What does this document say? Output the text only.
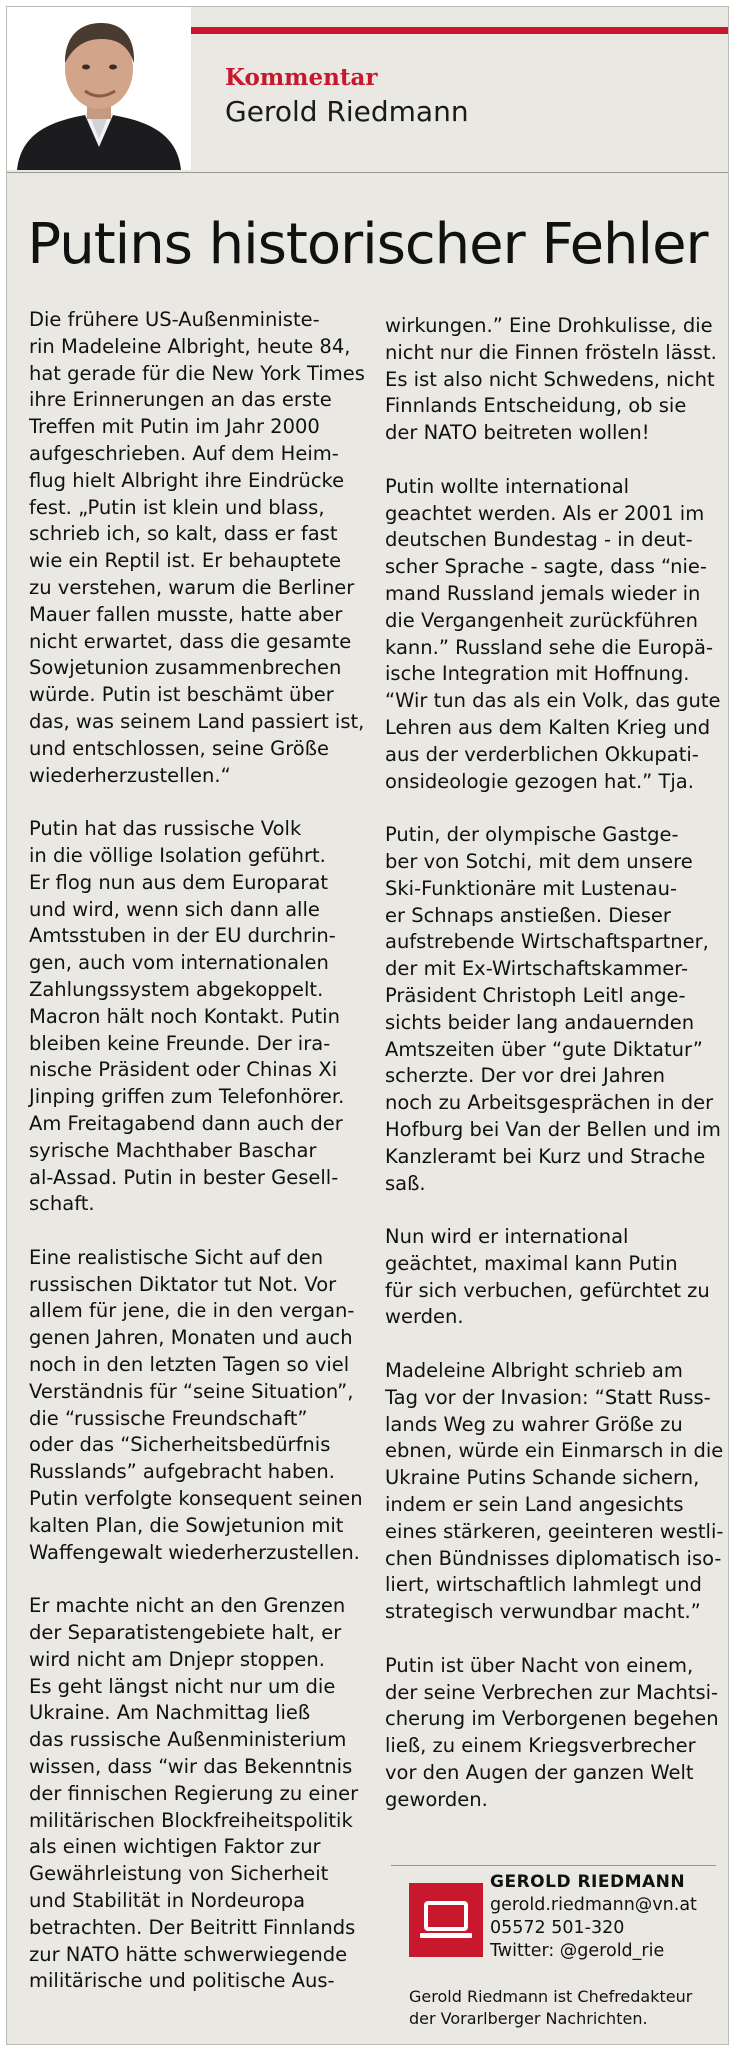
Kommentar
Gerold Riedmann
Putins historischer Fehler

Die frühere US-Außenministe-
rin Madeleine Albright, heute 84,
hat gerade für die New York Times
ihre Erinnerungen an das erste
Treffen mit Putin im Jahr 2000
aufgeschrieben. Auf dem Heim-
flug hielt Albright ihre Eindrücke
fest. „Putin ist klein und blass,
schrieb ich, so kalt, dass er fast
wie ein Reptil ist. Er behauptete
zu verstehen, warum die Berliner
Mauer fallen musste, hatte aber
nicht erwartet, dass die gesamte
Sowjetunion zusammenbrechen
würde. Putin ist beschämt über
das, was seinem Land passiert ist,
und entschlossen, seine Größe
wiederherzustellen.“

Putin hat das russische Volk
in die völlige Isolation geführt.
Er flog nun aus dem Europarat
und wird, wenn sich dann alle
Amtsstuben in der EU durchrin-
gen, auch vom internationalen
Zahlungssystem abgekoppelt.
Macron hält noch Kontakt. Putin
bleiben keine Freunde. Der ira-
nische Präsident oder Chinas Xi
Jinping griffen zum Telefonhörer.
Am Freitagabend dann auch der
syrische Machthaber Baschar
al-Assad. Putin in bester Gesell-
schaft.

Eine realistische Sicht auf den
russischen Diktator tut Not. Vor
allem für jene, die in den vergan-
genen Jahren, Monaten und auch
noch in den letzten Tagen so viel
Verständnis für “seine Situation”,
die “russische Freundschaft”
oder das “Sicherheitsbedürfnis
Russlands” aufgebracht haben.
Putin verfolgte konsequent seinen
kalten Plan, die Sowjetunion mit
Waffengewalt wiederherzustellen.

Er machte nicht an den Grenzen
der Separatistengebiete halt, er
wird nicht am Dnjepr stoppen.
Es geht längst nicht nur um die
Ukraine. Am Nachmittag ließ
das russische Außenministerium
wissen, dass “wir das Bekenntnis
der finnischen Regierung zu einer
militärischen Blockfreiheitspolitik
als einen wichtigen Faktor zur
Gewährleistung von Sicherheit
und Stabilität in Nordeuropa
betrachten. Der Beitritt Finnlands
zur NATO hätte schwerwiegende
militärische und politische Aus-

wirkungen.” Eine Drohkulisse, die
nicht nur die Finnen frösteln lässt.
Es ist also nicht Schwedens, nicht
Finnlands Entscheidung, ob sie
der NATO beitreten wollen!

Putin wollte international
geachtet werden. Als er 2001 im
deutschen Bundestag - in deut-
scher Sprache - sagte, dass “nie-
mand Russland jemals wieder in
die Vergangenheit zurückführen
kann.” Russland sehe die Europä-
ische Integration mit Hoffnung.
“Wir tun das als ein Volk, das gute
Lehren aus dem Kalten Krieg und
aus der verderblichen Okkupati-
onsideologie gezogen hat.” Tja.

Putin, der olympische Gastge-
ber von Sotchi, mit dem unsere
Ski-Funktionäre mit Lustenau-
er Schnaps anstießen. Dieser
aufstrebende Wirtschaftspartner,
der mit Ex-Wirtschaftskammer-
Präsident Christoph Leitl ange-
sichts beider lang andauernden
Amtszeiten über “gute Diktatur”
scherzte. Der vor drei Jahren
noch zu Arbeitsgesprächen in der
Hofburg bei Van der Bellen und im
Kanzleramt bei Kurz und Strache
saß.

Nun wird er international
geächtet, maximal kann Putin
für sich verbuchen, gefürchtet zu
werden.

Madeleine Albright schrieb am
Tag vor der Invasion: “Statt Russ-
lands Weg zu wahrer Größe zu
ebnen, würde ein Einmarsch in die
Ukraine Putins Schande sichern,
indem er sein Land angesichts
eines stärkeren, geeinteren westli-
chen Bündnisses diplomatisch iso-
liert, wirtschaftlich lahmlegt und
strategisch verwundbar macht.”

Putin ist über Nacht von einem,
der seine Verbrechen zur Machtsi-
cherung im Verborgenen begehen
ließ, zu einem Kriegsverbrecher
vor den Augen der ganzen Welt
geworden.

GEROLD RIEDMANN
gerold.riedmann@vn.at
05572 501-320
Twitter: @gerold_rie
Gerold Riedmann ist Chefredakteur
der Vorarlberger Nachrichten.
